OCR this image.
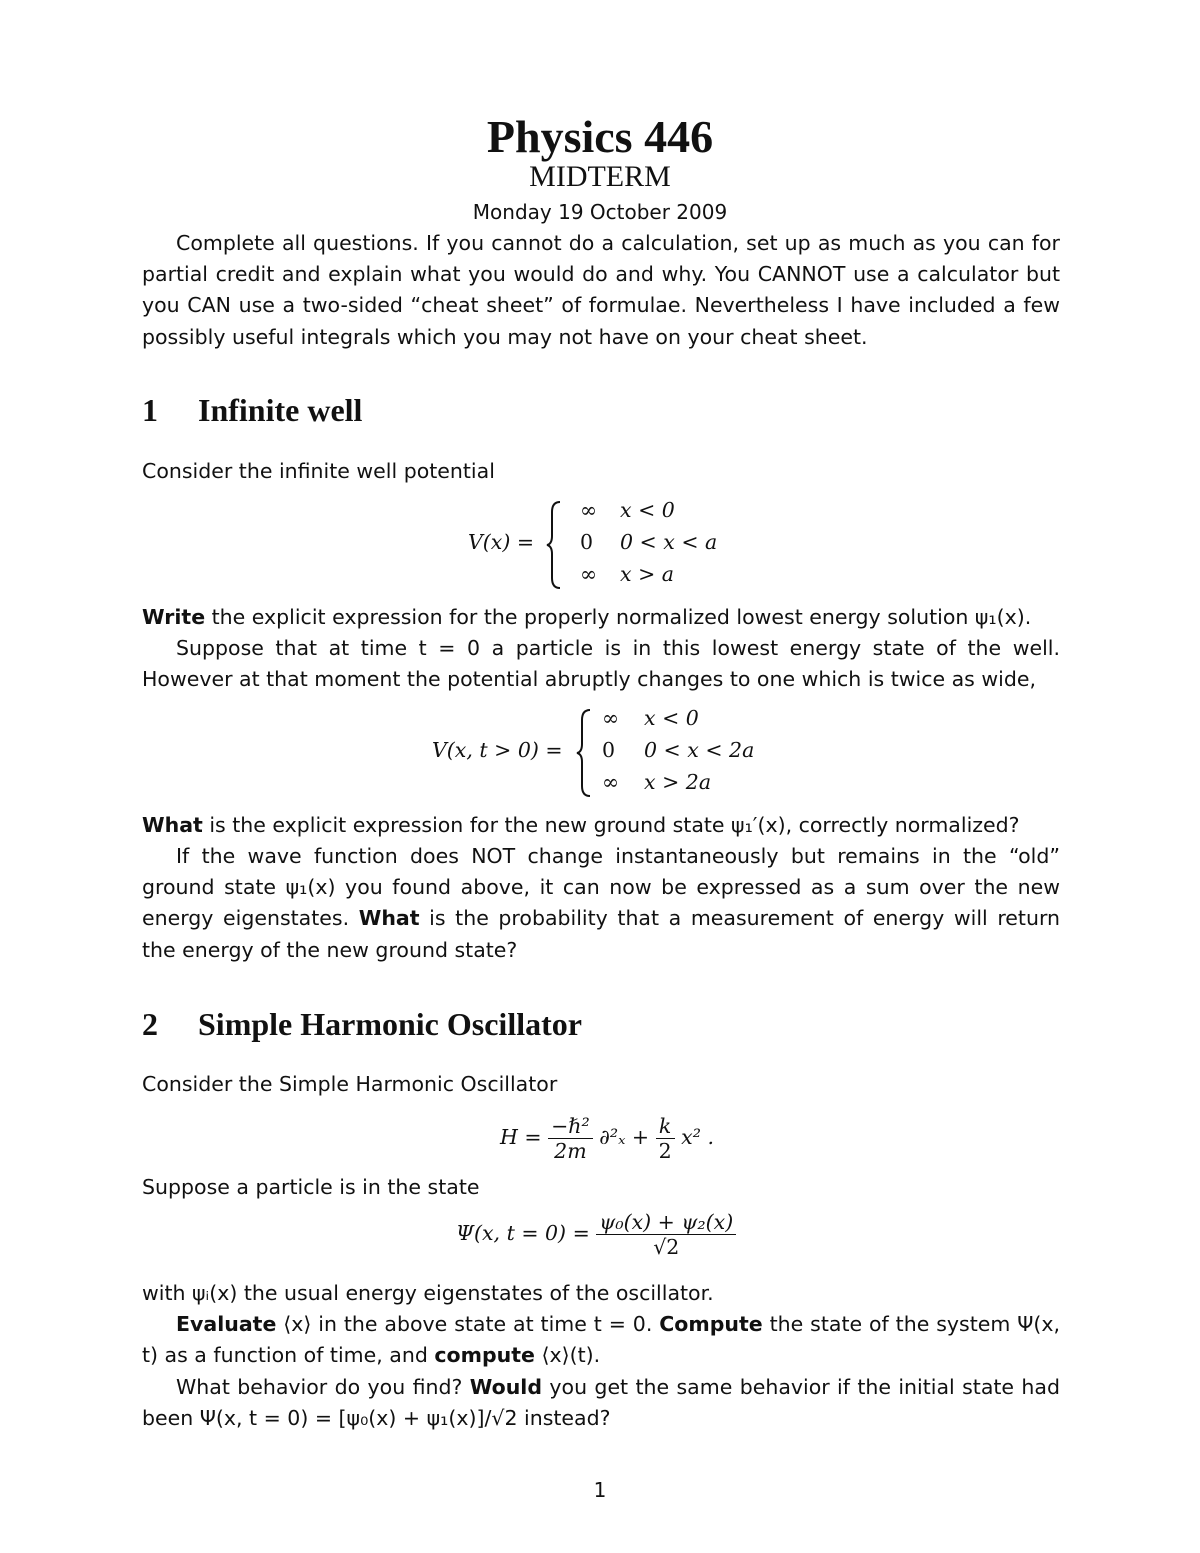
Physics 446
MIDTERM
Monday 19 October 2009

Complete all questions. If you cannot do a calculation, set up as much as you can for partial credit and explain what you would do and why. You CANNOT use a calculator but you CAN use a two-sided “cheat sheet” of formulae. Nevertheless I have included a few possibly useful integrals which you may not have on your cheat sheet.

1 Infinite well

Consider the infinite well potential

V(x) =
∞ x < 0
0 0 < x < a
∞ x > a

Write the explicit expression for the properly normalized lowest energy solution ψ₁(x).

Suppose that at time t = 0 a particle is in this lowest energy state of the well. However at that moment the potential abruptly changes to one which is twice as wide,

V(x, t > 0) =
∞ x < 0
0 0 < x < 2a
∞ x > 2a

What is the explicit expression for the new ground state ψ₁′(x), correctly normalized?

If the wave function does NOT change instantaneously but remains in the “old” ground state ψ₁(x) you found above, it can now be expressed as a sum over the new energy eigenstates. What is the probability that a measurement of energy will return the energy of the new ground state?

2 Simple Harmonic Oscillator

Consider the Simple Harmonic Oscillator

$H = \frac{\text{−ℏ²}}{2m} \partial^2_x + \frac{k}{2} x^2$ .

Suppose a particle is in the state

Ψ(x, $t = 0) = \frac{\text{ψ₀(x) + ψ₂(x)}}{√2}$

with ψᵢ(x) the usual energy eigenstates of the oscillator.

Evaluate ⟨x⟩ in the above state at time t = 0. Compute the state of the system Ψ(x, t) as a function of time, and compute ⟨x⟩(t).

What behavior do you find? Would you get the same behavior if the initial state had been Ψ(x, t = 0) = [ψ₀(x) + ψ₁(x)]/√2 instead?

1
